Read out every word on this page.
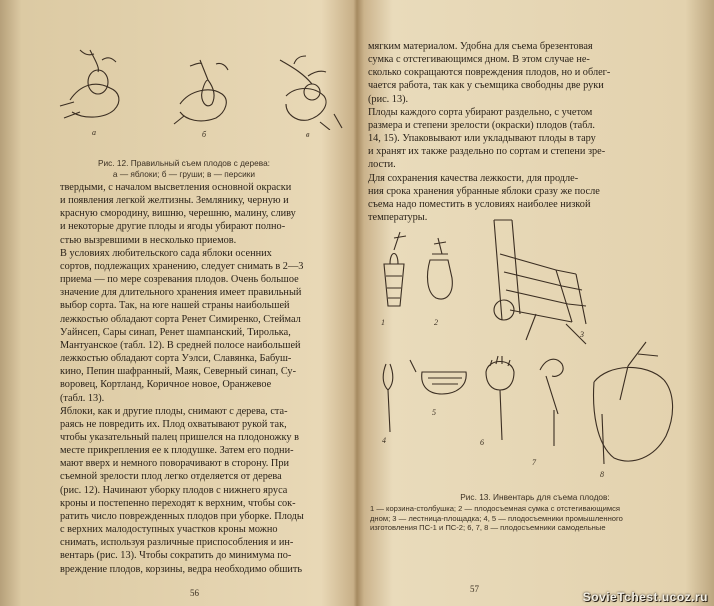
а	б	в
Рис. 12. Правильный съем плодов с дерева:
а — яблоки; б — груши; в — персики
твердыми, с началом высветления основной окраски
и появления легкой желтизны. Землянику, черную и
красную смородину, вишню, черешню, малину, сливу
и некоторые другие плоды и ягоды убирают полно-
стью вызревшими в несколько приемов.
В условиях любительского сада яблоки осенних
сортов, подлежащих хранению, следует снимать в 2—3
приема — по мере созревания плодов. Очень большое
значение для длительного хранения имеет правильный
выбор сорта. Так, на юге нашей страны наибольшей
лежкостью обладают сорта Ренет Симиренко, Стеймал
Уайнсеп, Сары синап, Ренет шампанский, Тиролька,
Мантуанское (табл. 12). В средней полосе наибольшей
лежкостью обладают сорта Уэлси, Славянка, Бабуш-
кино, Пепин шафранный, Маяк, Северный синап, Су-
воровец, Кортланд, Коричное новое, Оранжевое
(табл. 13).
Яблоки, как и другие плоды, снимают с дерева, ста-
раясь не повредить их. Плод охватывают рукой так,
чтобы указательный палец пришелся на плодоножку в
месте прикрепления ее к плодушке. Затем его подни-
мают вверх и немного поворачивают в сторону. При
съемной зрелости плод легко отделяется от дерева
(рис. 12). Начинают уборку плодов с нижнего яруса
кроны и постепенно переходят к верхним, чтобы сок-
ратить число поврежденных плодов при уборке. Плоды
с верхних малодоступных участков кроны можно
снимать, используя различные приспособления и ин-
вентарь (рис. 13). Чтобы сократить до минимума по-
вреждение плодов, корзины, ведра необходимо обшить
56
мягким материалом. Удобна для съема брезентовая
сумка с отстегивающимся дном. В этом случае не-
сколько сокращаются повреждения плодов, но и облег-
чается работа, так как у съемщика свободны две руки
(рис. 13).
Плоды каждого сорта убирают раздельно, с учетом
размера и степени зрелости (окраски) плодов (табл.
14, 15). Упаковывают или укладывают плоды в тару
и хранят их также раздельно по сортам и степени зре-
лости.
Для сохранения качества лежкости, для продле-
ния срока хранения убранные яблоки сразу же после
съема надо поместить в условиях наиболее низкой
температуры.
1	2
3
4
5
6
7
8
Рис. 13. Инвентарь для съема плодов:
1 — корзина-столбушка; 2 — плодосъемная сумка с отстегивающимся
дном; 3 — лестница-площадка; 4, 5 — плодосъемники промышленного
изготовления ПС-1 и ПС-2; 6, 7, 8 — плодосъемники самодельные
57
SovieTchest.ucoz.ru
